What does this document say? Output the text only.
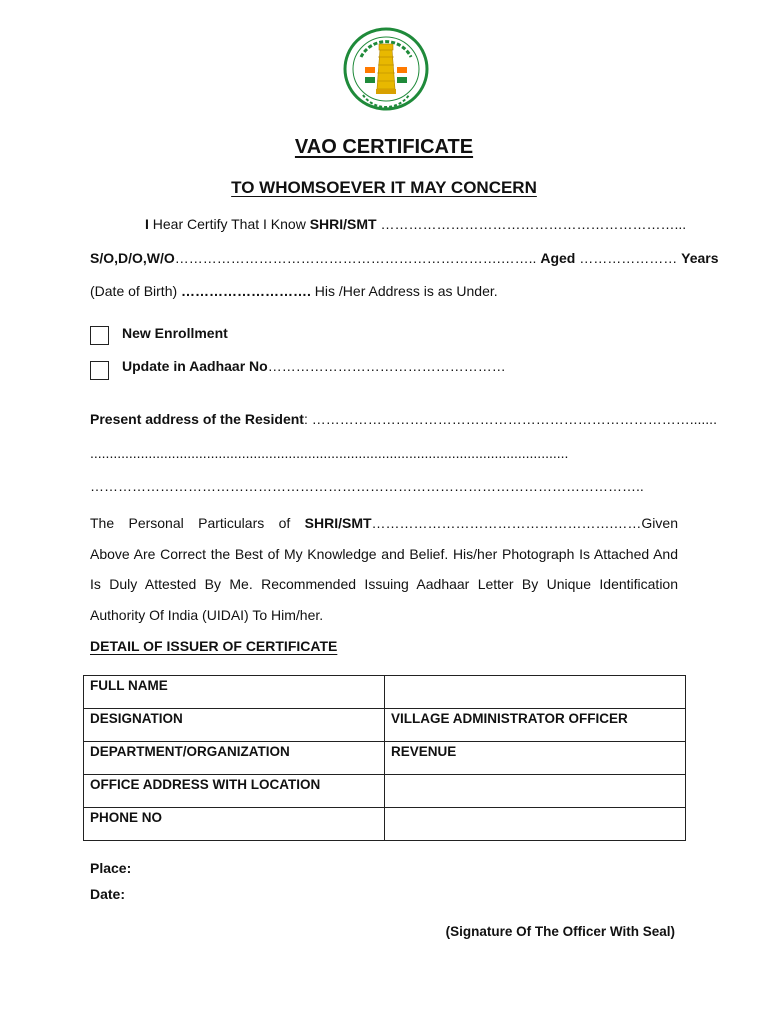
VAO CERTIFICATE
TO WHOMSOEVER IT MAY CONCERN
I Hear Certify That I Know SHRI/SMT ………………………………………………………...
S/O,D/O,W/O…………………………………………………………….…….. Aged ………………… Years
(Date of Birth) ………………………. His /Her Address is as Under.
New Enrollment
Update in Aadhaar No……………………………………………
Present address of the Resident: ……………………………………………………………………….......
...........................................................................................................................
………………………………………………………………………………………………………..
The Personal Particulars of SHRI/SMT…………………………………………….……Given Above Are Correct the Best of My Knowledge and Belief. His/her Photograph Is Attached And Is Duly Attested By Me. Recommended Issuing Aadhaar Letter By Unique Identification Authority Of India (UIDAI) To Him/her.
DETAIL OF ISSUER OF CERTIFICATE
FULL NAME	
DESIGNATION	VILLAGE ADMINISTRATOR OFFICER
DEPARTMENT/ORGANIZATION	REVENUE
OFFICE ADDRESS WITH LOCATION	
PHONE NO	
Place:
Date:
(Signature Of The Officer With Seal)
